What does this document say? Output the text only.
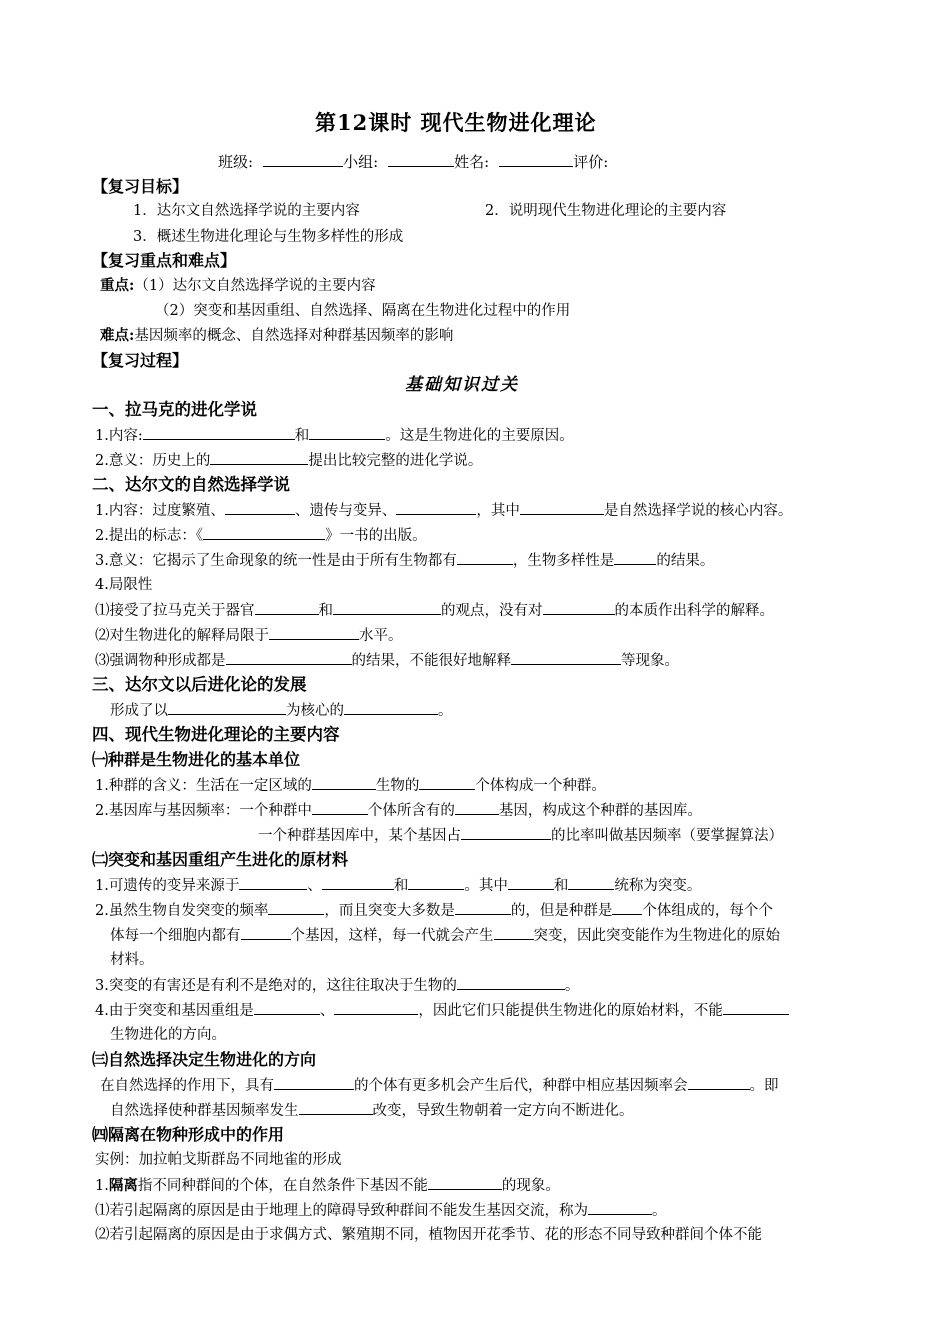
第12课时 现代生物进化理论
班级:	小组:	姓名:	评价:
【复习目标】
1．达尔文自然选择学说的主要内容	2．说明现代生物进化理论的主要内容
3．概述生物进化理论与生物多样性的形成
【复习重点和难点】
重点:（1）达尔文自然选择学说的主要内容
（2）突变和基因重组、自然选择、隔离在生物进化过程中的作用
难点:基因频率的概念、自然选择对种群基因频率的影响
【复习过程】
基础知识过关
一、拉马克的进化学说
1.内容:	和	。这是生物进化的主要原因。
2.意义：历史上的	提出比较完整的进化学说。
二、达尔文的自然选择学说
1.内容：过度繁殖、	、遗传与变异、	，其中	是自然选择学说的核心内容。
2.提出的标志：《	》一书的出版。
3.意义：它揭示了生命现象的统一性是由于所有生物都有	，生物多样性是	的结果。
4.局限性
⑴接受了拉马克关于器官	和	的观点，没有对	的本质作出科学的解释。
⑵对生物进化的解释局限于	水平。
⑶强调物种形成都是	的结果，不能很好地解释	等现象。
三、达尔文以后进化论的发展
形成了以	为核心的	。
四、现代生物进化理论的主要内容
㈠种群是生物进化的基本单位
1.种群的含义：生活在一定区域的	生物的	个体构成一个种群。
2.基因库与基因频率：一个种群中	个体所含有的	基因，构成这个种群的基因库。
一个种群基因库中，某个基因占	的比率叫做基因频率（要掌握算法）
㈡突变和基因重组产生进化的原材料
1.可遗传的变异来源于	、	和	。其中	和	统称为突变。
2.虽然生物自发突变的频率	，而且突变大多数是	的，但是种群是 个体组成的，每个个
体每一个细胞内都有	个基因，这样，每一代就会产生	突变，因此突变能作为生物进化的原始
材料。
3.突变的有害还是有利不是绝对的，这往往取决于生物的	。
4.由于突变和基因重组是	、	，因此它们只能提供生物进化的原始材料，不能
生物进化的方向。
㈢自然选择决定生物进化的方向
在自然选择的作用下，具有	的个体有更多机会产生后代，种群中相应基因频率会	。即
自然选择使种群基因频率发生	改变，导致生物朝着一定方向不断进化。
㈣隔离在物种形成中的作用
实例：加拉帕戈斯群岛不同地雀的形成
1.隔离指不同种群间的个体，在自然条件下基因不能	的现象。
⑴若引起隔离的原因是由于地理上的障碍导致种群间不能发生基因交流，称为	。
⑵若引起隔离的原因是由于求偶方式、繁殖期不同，植物因开花季节、花的形态不同导致种群间个体不能
